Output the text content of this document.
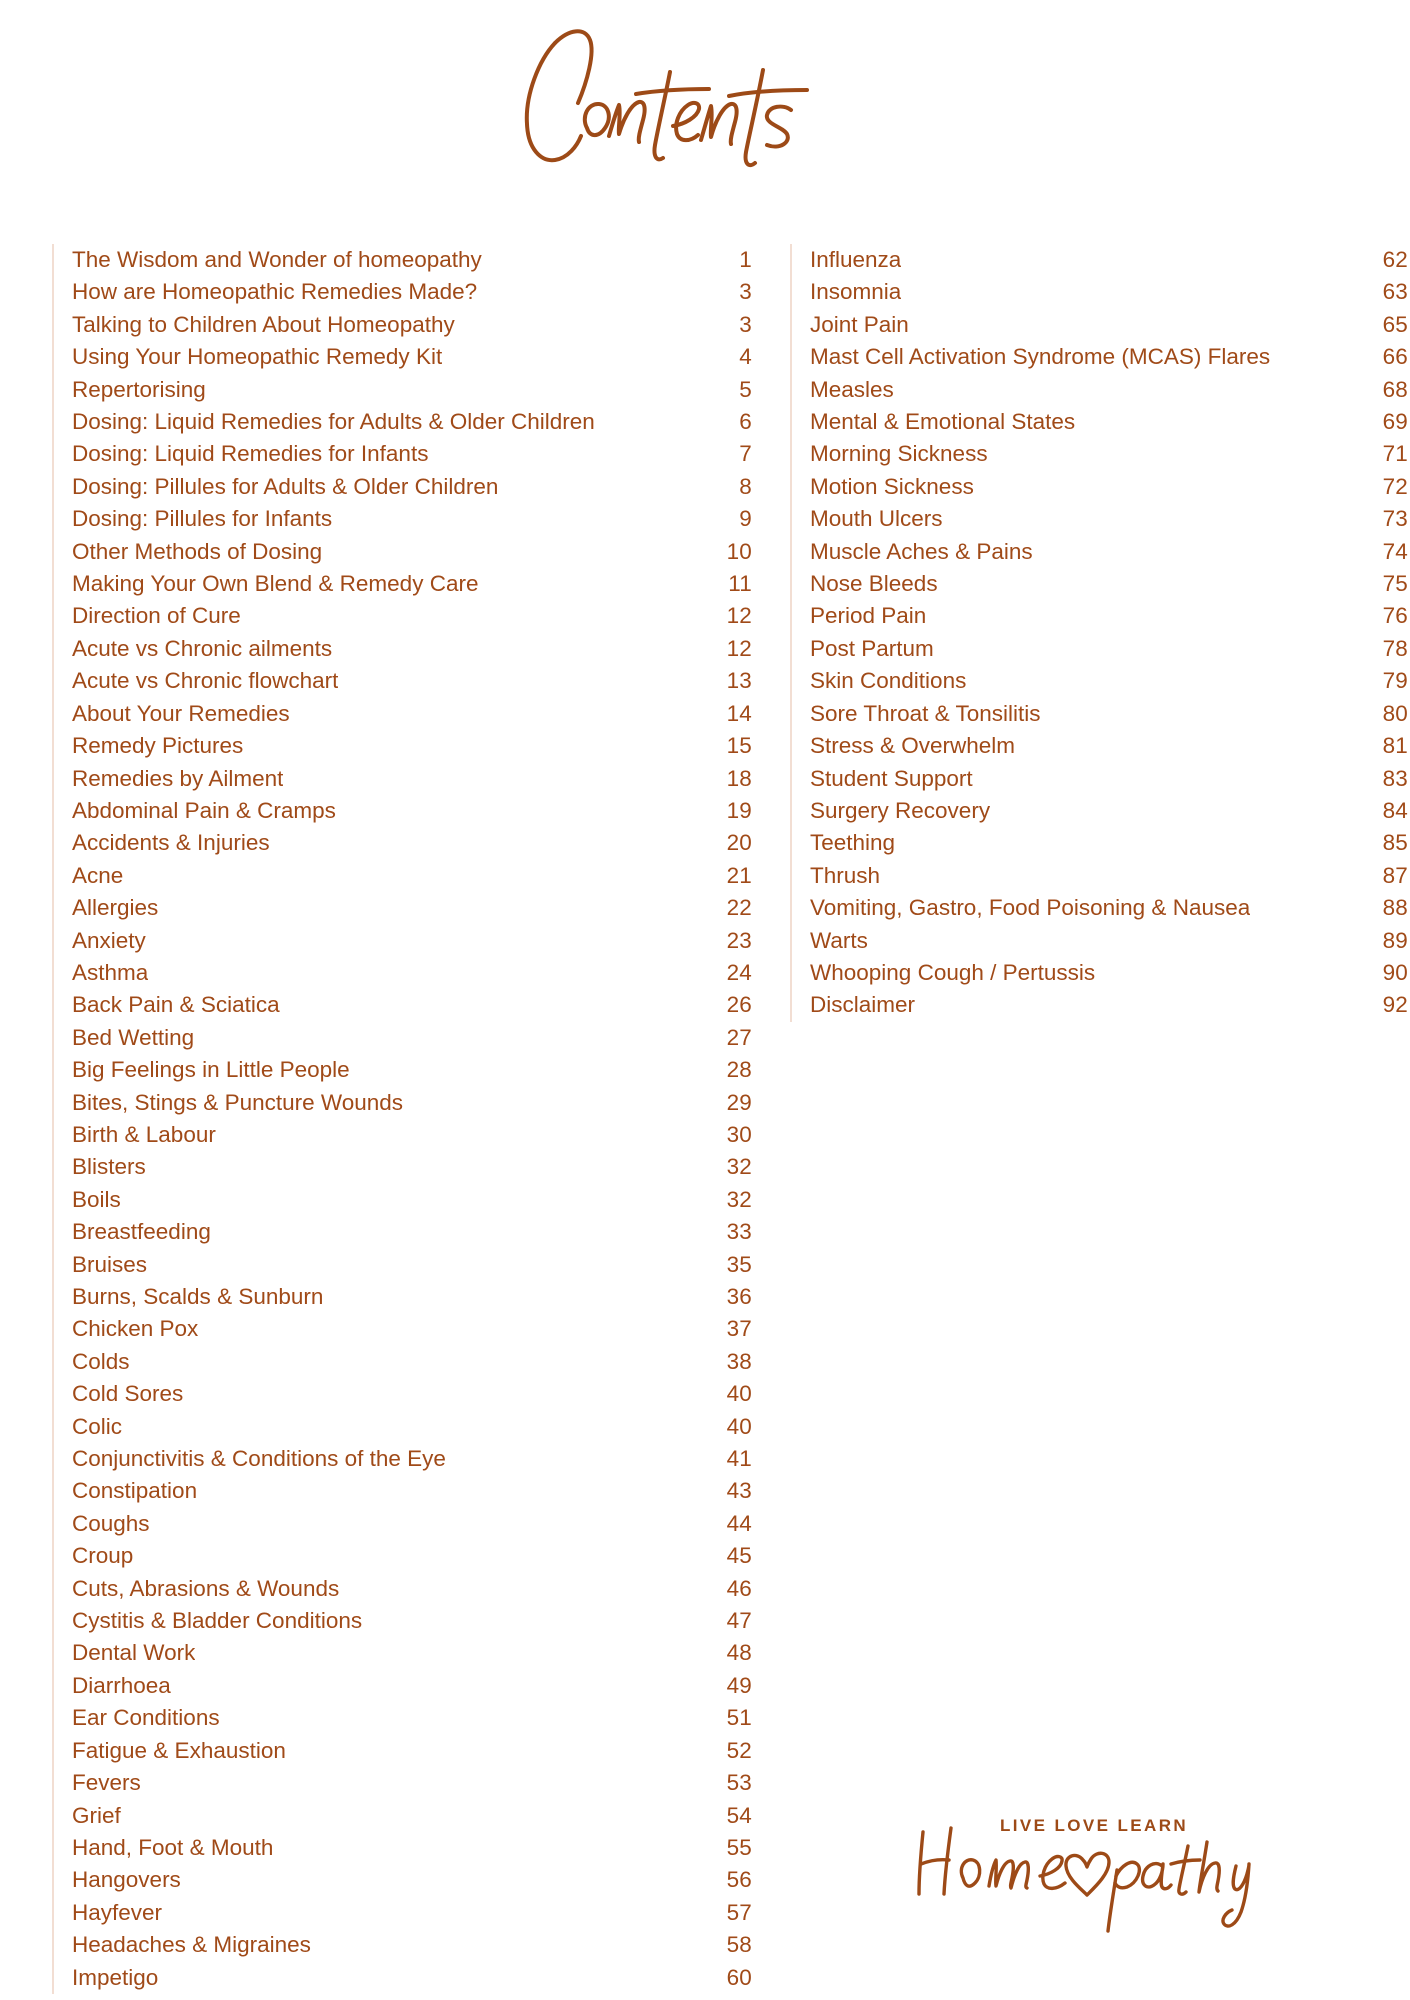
The Wisdom and Wonder of homeopathy	1
How are Homeopathic Remedies Made?	3
Talking to Children About Homeopathy	3
Using Your Homeopathic Remedy Kit	4
Repertorising	5
Dosing: Liquid Remedies for Adults & Older Children	6
Dosing: Liquid Remedies for Infants	7
Dosing: Pillules for Adults & Older Children	8
Dosing: Pillules for Infants	9
Other Methods of Dosing	10
Making Your Own Blend & Remedy Care	11
Direction of Cure	12
Acute vs Chronic ailments	12
Acute vs Chronic flowchart	13
About Your Remedies	14
Remedy Pictures	15
Remedies by Ailment	18
Abdominal Pain & Cramps	19
Accidents & Injuries	20
Acne	21
Allergies	22
Anxiety	23
Asthma	24
Back Pain & Sciatica	26
Bed Wetting	27
Big Feelings in Little People	28
Bites, Stings & Puncture Wounds	29
Birth & Labour	30
Blisters	32
Boils	32
Breastfeeding	33
Bruises	35
Burns, Scalds & Sunburn	36
Chicken Pox	37
Colds	38
Cold Sores	40
Colic	40
Conjunctivitis & Conditions of the Eye	41
Constipation	43
Coughs	44
Croup	45
Cuts, Abrasions & Wounds	46
Cystitis & Bladder Conditions	47
Dental Work	48
Diarrhoea	49
Ear Conditions	51
Fatigue & Exhaustion	52
Fevers	53
Grief	54
Hand, Foot & Mouth	55
Hangovers	56
Hayfever	57
Headaches & Migraines	58
Impetigo	60
Influenza	62
Insomnia	63
Joint Pain	65
Mast Cell Activation Syndrome (MCAS) Flares	66
Measles	68
Mental & Emotional States	69
Morning Sickness	71
Motion Sickness	72
Mouth Ulcers	73
Muscle Aches & Pains	74
Nose Bleeds	75
Period Pain	76
Post Partum	78
Skin Conditions	79
Sore Throat & Tonsilitis	80
Stress & Overwhelm	81
Student Support	83
Surgery Recovery	84
Teething	85
Thrush	87
Vomiting, Gastro, Food Poisoning & Nausea	88
Warts	89
Whooping Cough / Pertussis	90
Disclaimer	92
LIVE LOVE LEARN
